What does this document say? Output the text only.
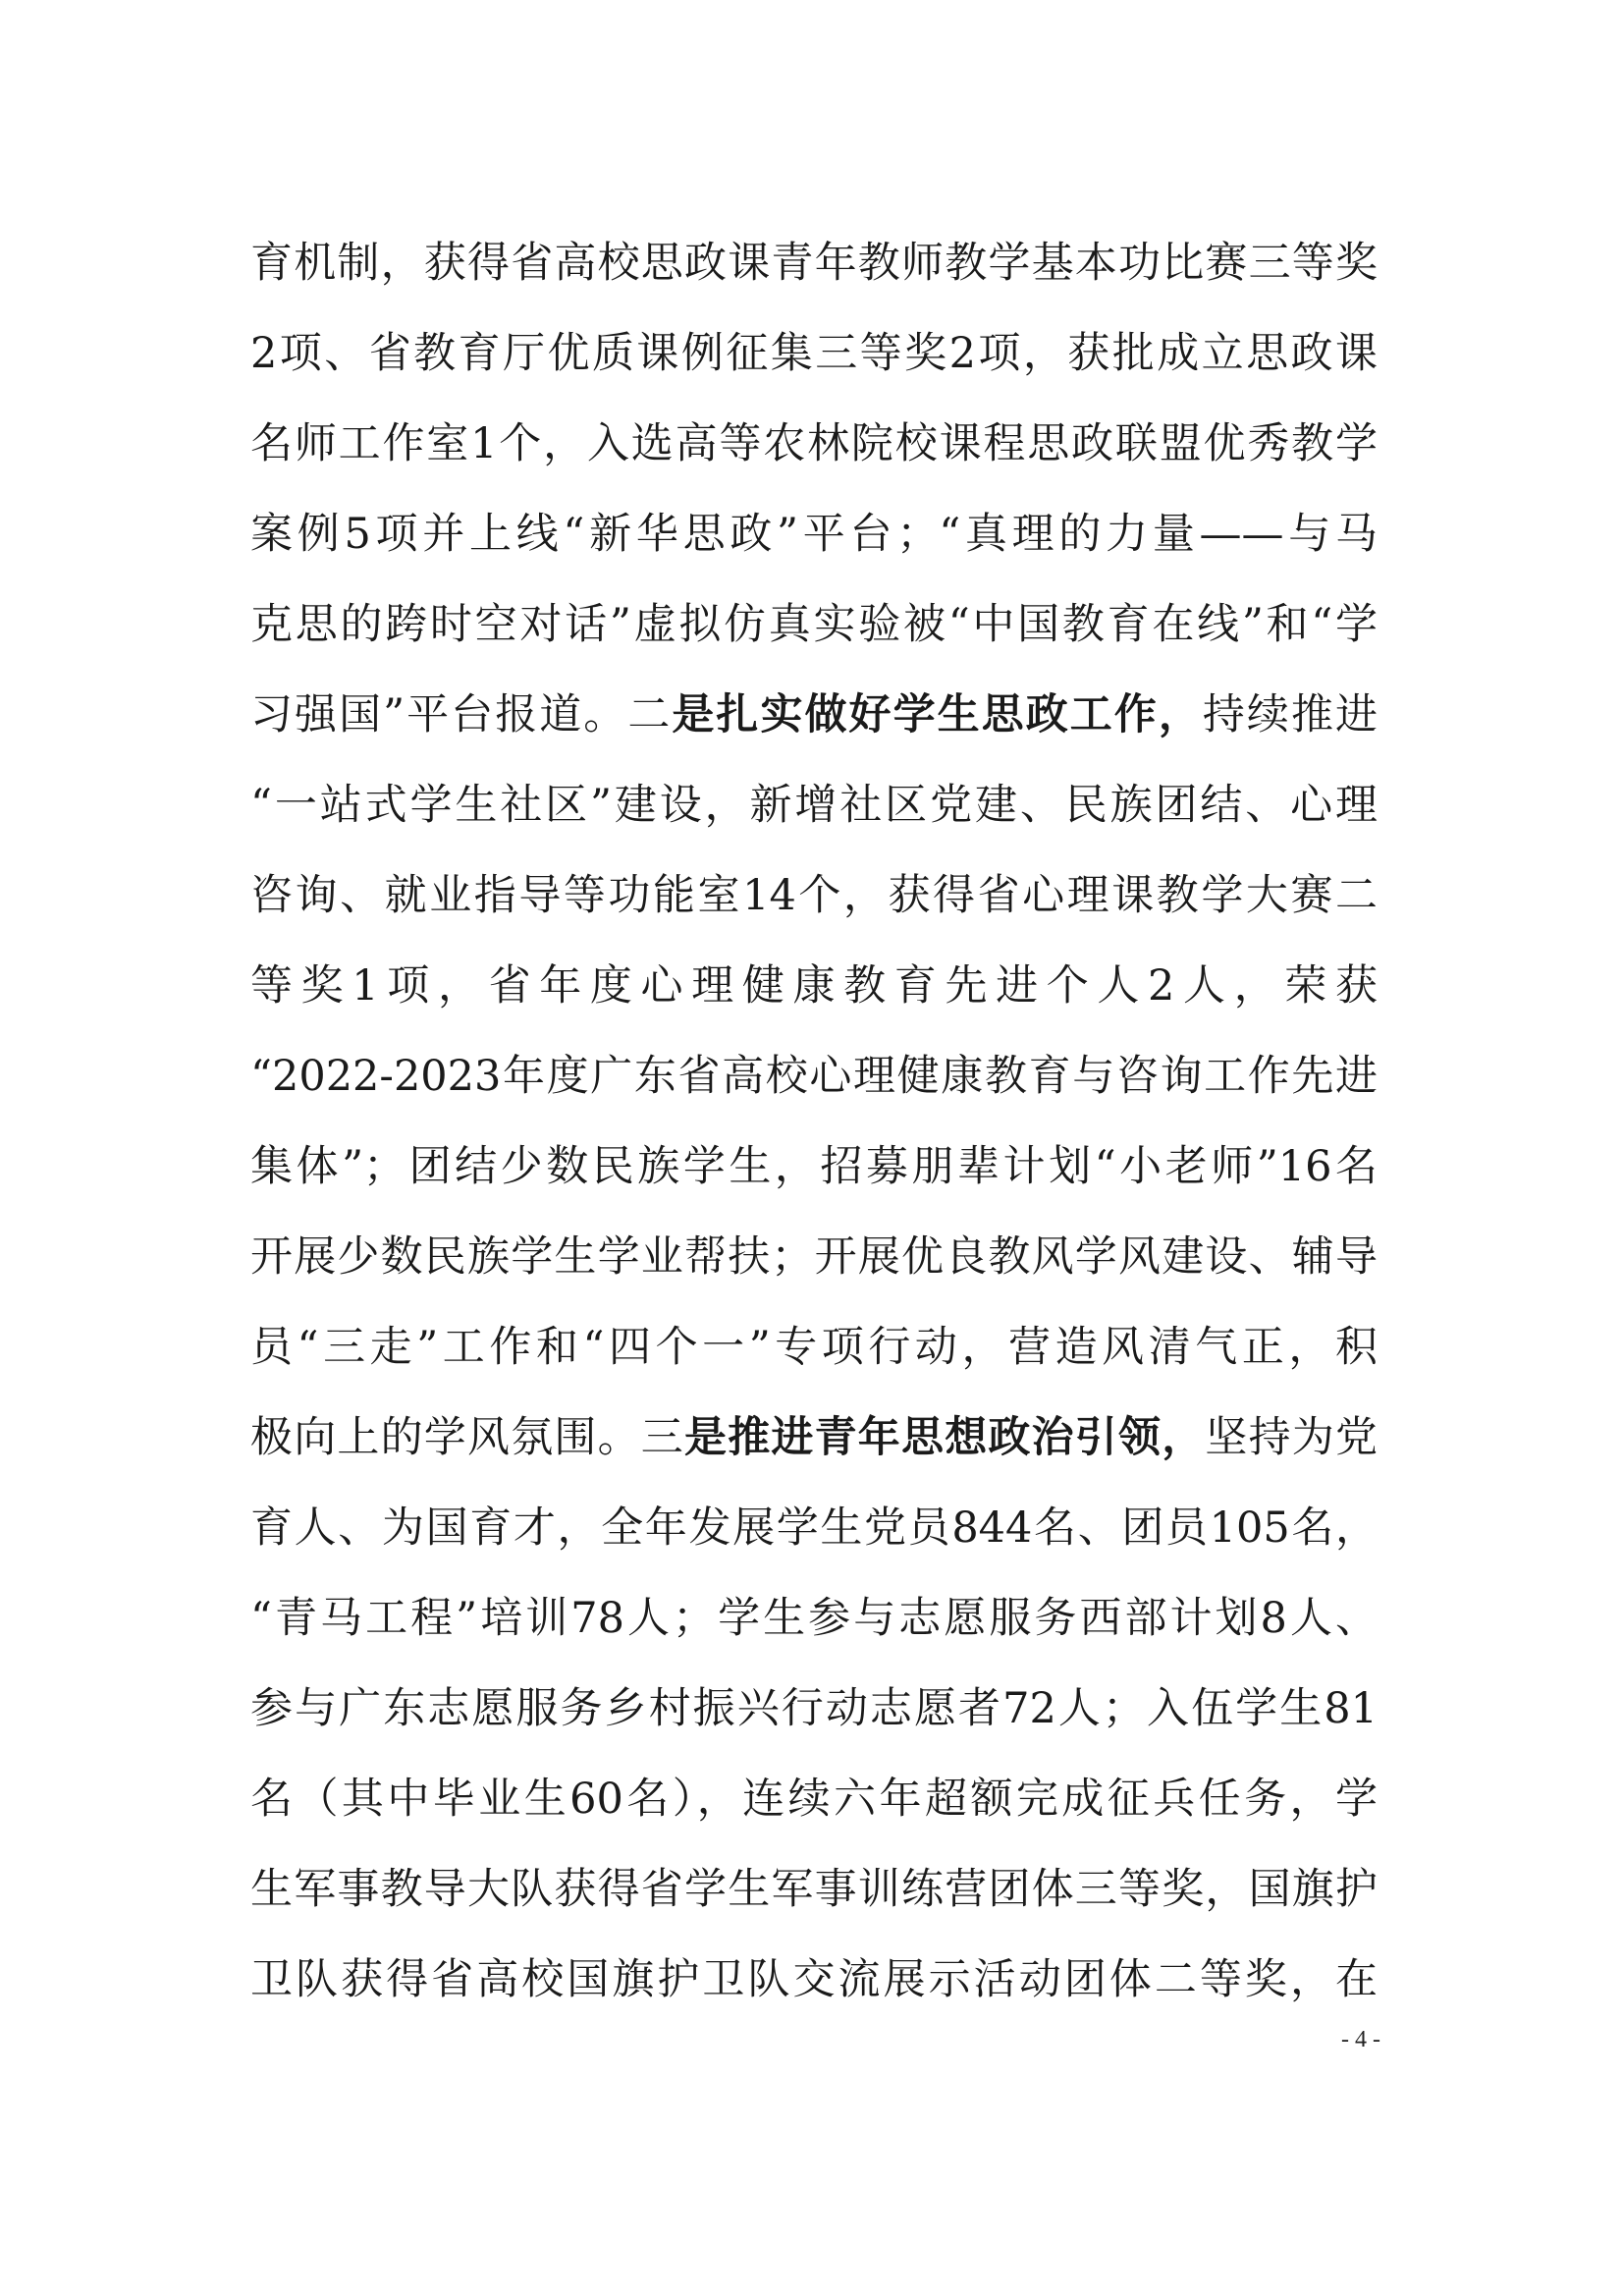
育机制，获得省高校思政课青年教师教学基本功比赛三等奖
2项、省教育厅优质课例征集三等奖2项，获批成立思政课
名师工作室1个，入选高等农林院校课程思政联盟优秀教学
案例5项并上线“新华思政”平台；“真理的力量——与马
克思的跨时空对话”虚拟仿真实验被“中国教育在线”和“学
习强国”平台报道。二是扎实做好学生思政工作，持续推进
“一站式学生社区”建设，新增社区党建、民族团结、心理
咨询、就业指导等功能室14个，获得省心理课教学大赛二
等奖1项，省年度心理健康教育先进个人2人，荣获
“2022-2023年度广东省高校心理健康教育与咨询工作先进
集体”；团结少数民族学生，招募朋辈计划“小老师”16名
开展少数民族学生学业帮扶；开展优良教风学风建设、辅导
员“三走”工作和“四个一”专项行动，营造风清气正，积
极向上的学风氛围。三是推进青年思想政治引领，坚持为党
育人、为国育才，全年发展学生党员844名、团员105名，
“青马工程”培训78人；学生参与志愿服务西部计划8人、
参与广东志愿服务乡村振兴行动志愿者72人；入伍学生81
名（其中毕业生60名），连续六年超额完成征兵任务，学
生军事教导大队获得省学生军事训练营团体三等奖，国旗护
卫队获得省高校国旗护卫队交流展示活动团体二等奖，在
- 4 -
